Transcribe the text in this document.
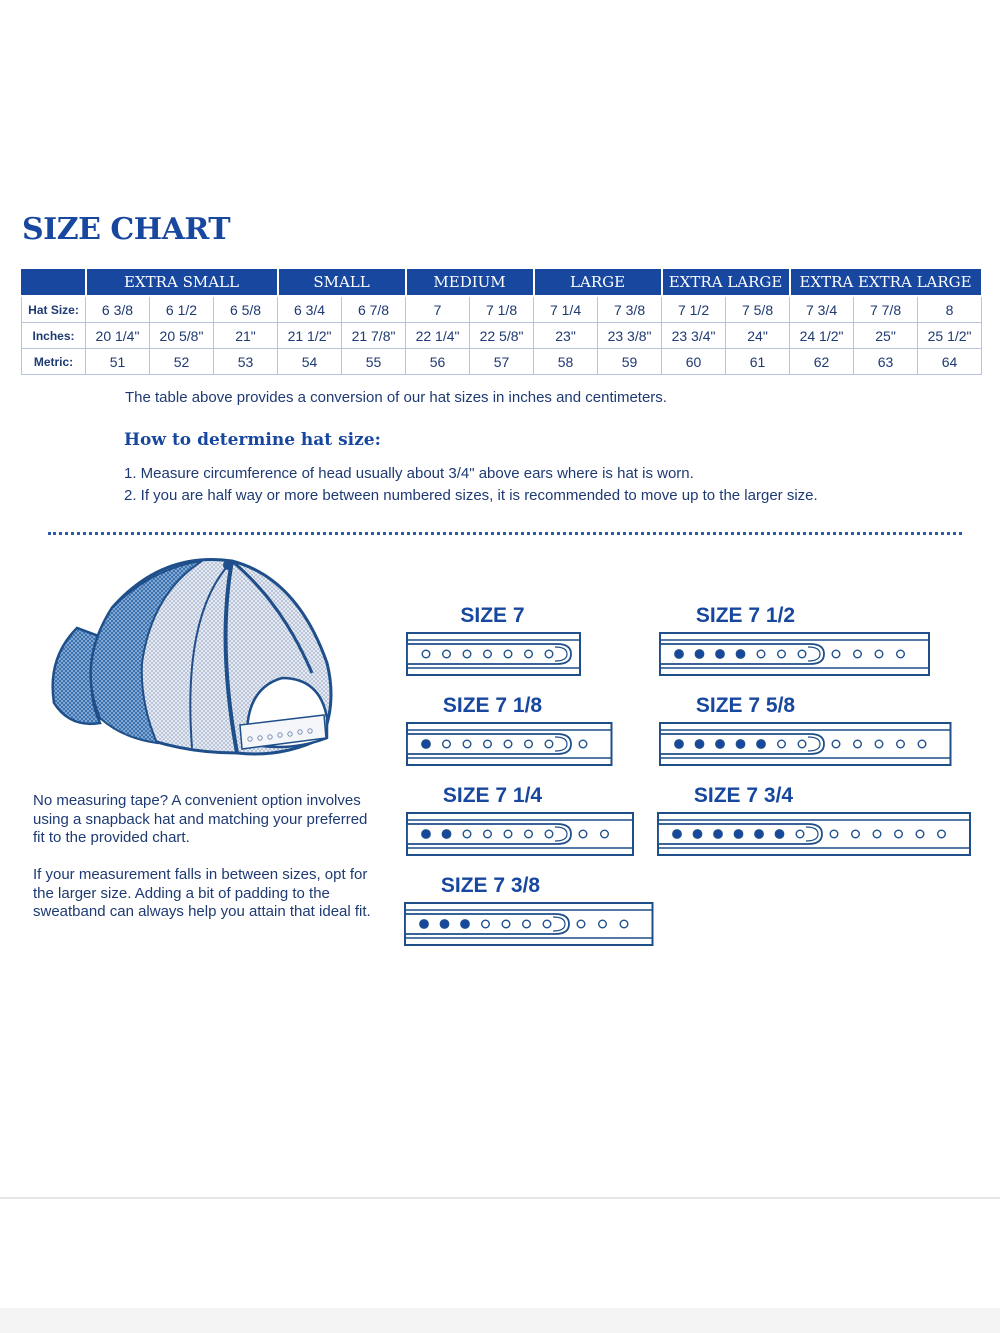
SIZE CHART
	EXTRA SMALL			SMALL		MEDIUM		LARGE		EXTRA LARGE		EXTRA EXTRA LARGE		
Hat Size:	6 3/8	6 1/2	6 5/8	6 3/4	6 7/8	7	7 1/8	7 1/4	7 3/8	7 1/2	7 5/8	7 3/4	7 7/8	8
Inches:	20 1/4"	20 5/8"	21"	21 1/2"	21 7/8"	22 1/4"	22 5/8"	23"	23 3/8"	23 3/4"	24"	24 1/2"	25"	25 1/2"
Metric:	51	52	53	54	55	56	57	58	59	60	61	62	63	64

The table above provides a conversion of our hat sizes in inches and centimeters.

How to determine hat size:
1. Measure circumference of head usually about 3/4" above ears where is hat is worn.
2. If you are half way or more between numbered sizes, it is recommended to move up to the larger size.

No measuring tape? A convenient option involves using a snapback hat and matching your preferred fit to the provided chart.

If your measurement falls in between sizes, opt for the larger size. Adding a bit of padding to the sweatband can always help you attain that ideal fit.

SIZE 7
SIZE 7 1/8
SIZE 7 1/4
SIZE 7 3/8
SIZE 7 1/2
SIZE 7 5/8
SIZE 7 3/4
